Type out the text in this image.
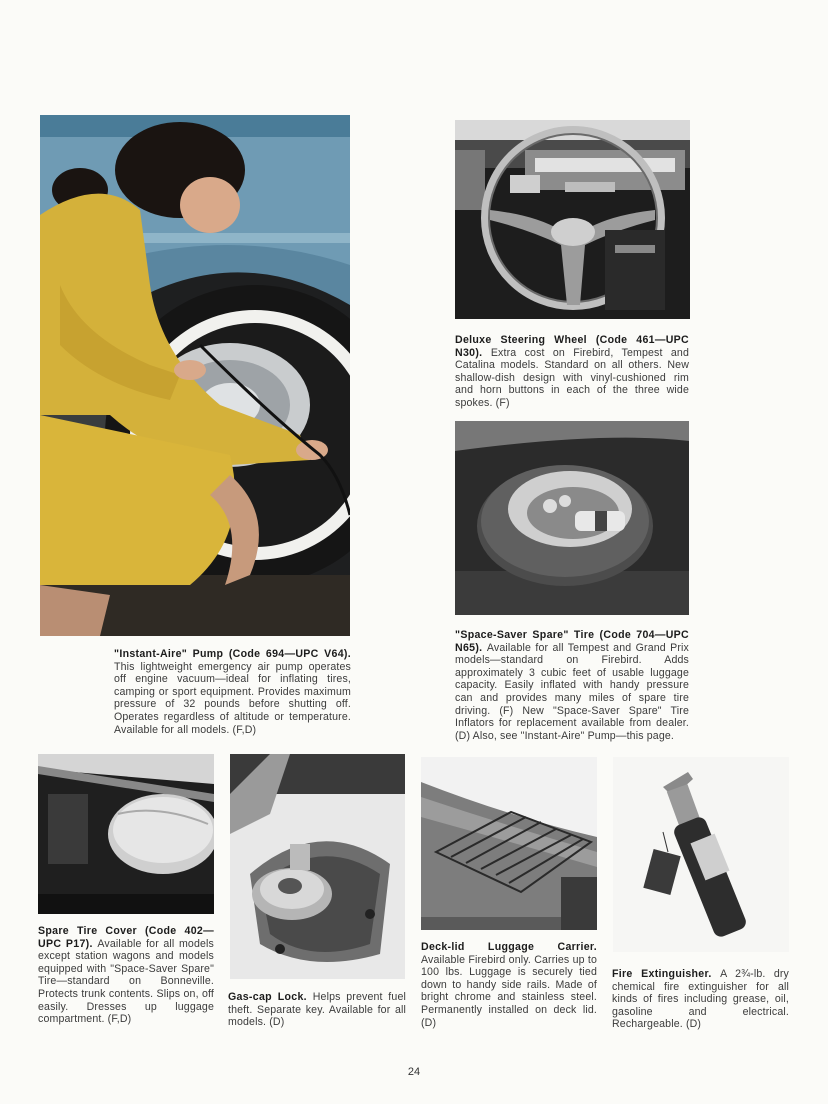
"Instant-Aire" Pump (Code 694—UPC V64). This lightweight emergency air pump operates off engine vacuum—ideal for inflating tires, camping or sport equipment. Provides maximum pressure of 32 pounds before shutting off. Operates regardless of altitude or temperature. Available for all models. (F,D)
Deluxe Steering Wheel (Code 461—UPC N30). Extra cost on Firebird, Tempest and Catalina models. Standard on all others. New shallow-dish design with vinyl-cushioned rim and horn buttons in each of the three wide spokes. (F)
"Space-Saver Spare" Tire (Code 704—UPC N65). Available for all Tempest and Grand Prix models—standard on Firebird. Adds approximately 3 cubic feet of usable luggage capacity. Easily inflated with handy pressure can and provides many miles of spare tire driving. (F) New "Space-Saver Spare" Tire Inflators for replacement available from dealer. (D) Also, see "Instant-Aire" Pump—this page.
Spare Tire Cover (Code 402—UPC P17). Available for all models except station wagons and models equipped with "Space-Saver Spare" Tire—standard on Bonneville. Protects trunk contents. Slips on, off easily. Dresses up luggage compartment. (F,D)
Gas-cap Lock. Helps prevent fuel theft. Separate key. Available for all models. (D)
Deck-lid Luggage Carrier. Available Firebird only. Carries up to 100 lbs. Luggage is securely tied down to handy side rails. Made of bright chrome and stainless steel. Permanently installed on deck lid. (D)
Fire Extinguisher. A 2¾-lb. dry chemical fire extinguisher for all kinds of fires including grease, oil, gasoline and electrical. Rechargeable. (D)
24
